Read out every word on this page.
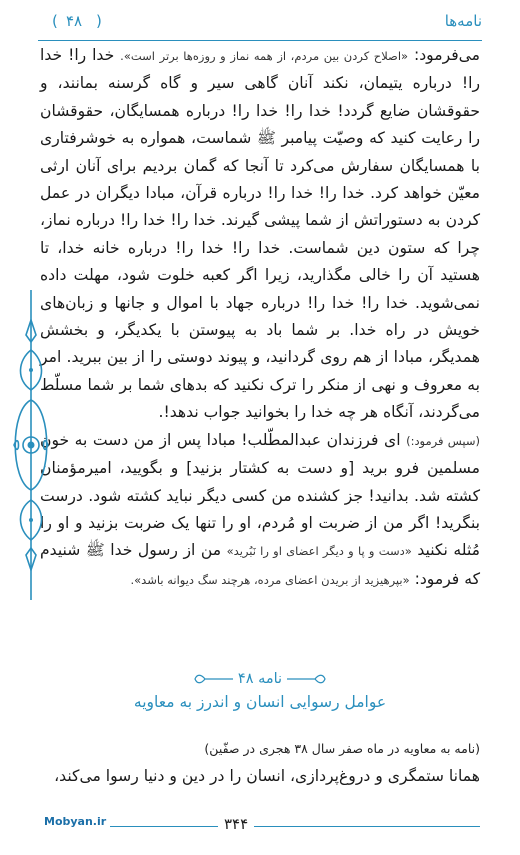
نامه‌ها
(
۴۸
)

می‌فرمود: «اصلاح کردن بین مردم، از همه نماز و روزه‌ها برتر است». خدا را! خدا را! درباره یتیمان، نکند آنان گاهی سیر و گاه گرسنه بمانند، و حقوقشان ضایع گردد! خدا را! خدا را! درباره همسایگان، حقوقشان را رعایت کنید که وصیّت پیامبر ﷺ شماست، همواره به خوشرفتاری با همسایگان سفارش می‌کرد تا آنجا که گمان بردیم برای آنان ارثی معیّن خواهد کرد. خدا را! خدا را! درباره قرآن، مبادا دیگران در عمل کردن به دستوراتش از شما پیشی گیرند. خدا را! خدا را! درباره نماز، چرا که ستون دین شماست. خدا را! خدا را! درباره خانه خدا، تا هستید آن را خالی مگذارید، زیرا اگر کعبه خلوت شود، مهلت داده نمی‌شوید. خدا را! خدا را! درباره جهاد با اموال و جانها و زبان‌های خویش در راه خدا. بر شما باد به پیوستن با یکدیگر، و بخشش همدیگر، مبادا از هم روی گردانید، و پیوند دوستی را از بین ببرید. امر به معروف و نهی از منکر را ترک نکنید که بدهای شما بر شما مسلّط می‌گردند، آنگاه هر چه خدا را بخوانید جواب ندهد!.

(سپس فرمود:) ای فرزندان عبدالمطّلب! مبادا پس از من دست به خون مسلمین فرو برید [و دست به کشتار بزنید] و بگویید، امیرمؤمنان کشته شد. بدانید! جز کشنده من کسی دیگر نباید کشته شود. درست بنگرید! اگر من از ضربت او مُردم، او را تنها یک ضربت بزنید و او را مُثله نکنید «دست و پا و دیگر اعضای او را نَبُرید» من از رسول خدا ﷺ شنیدم که فرمود: «بپرهیزید از بریدن اعضای مرده، هرچند سگ دیوانه باشد».

نامه ۴۸
عوامل رسوایی انسان و اندرز به معاویه
(نامه به معاویه در ماه صفر سال ۳۸ هجری در صفّین)
همانا ستمگری و دروغ‌پردازی، انسان را در دین و دنیا رسوا می‌کند،
۳۴۴
Mobyan.ir
